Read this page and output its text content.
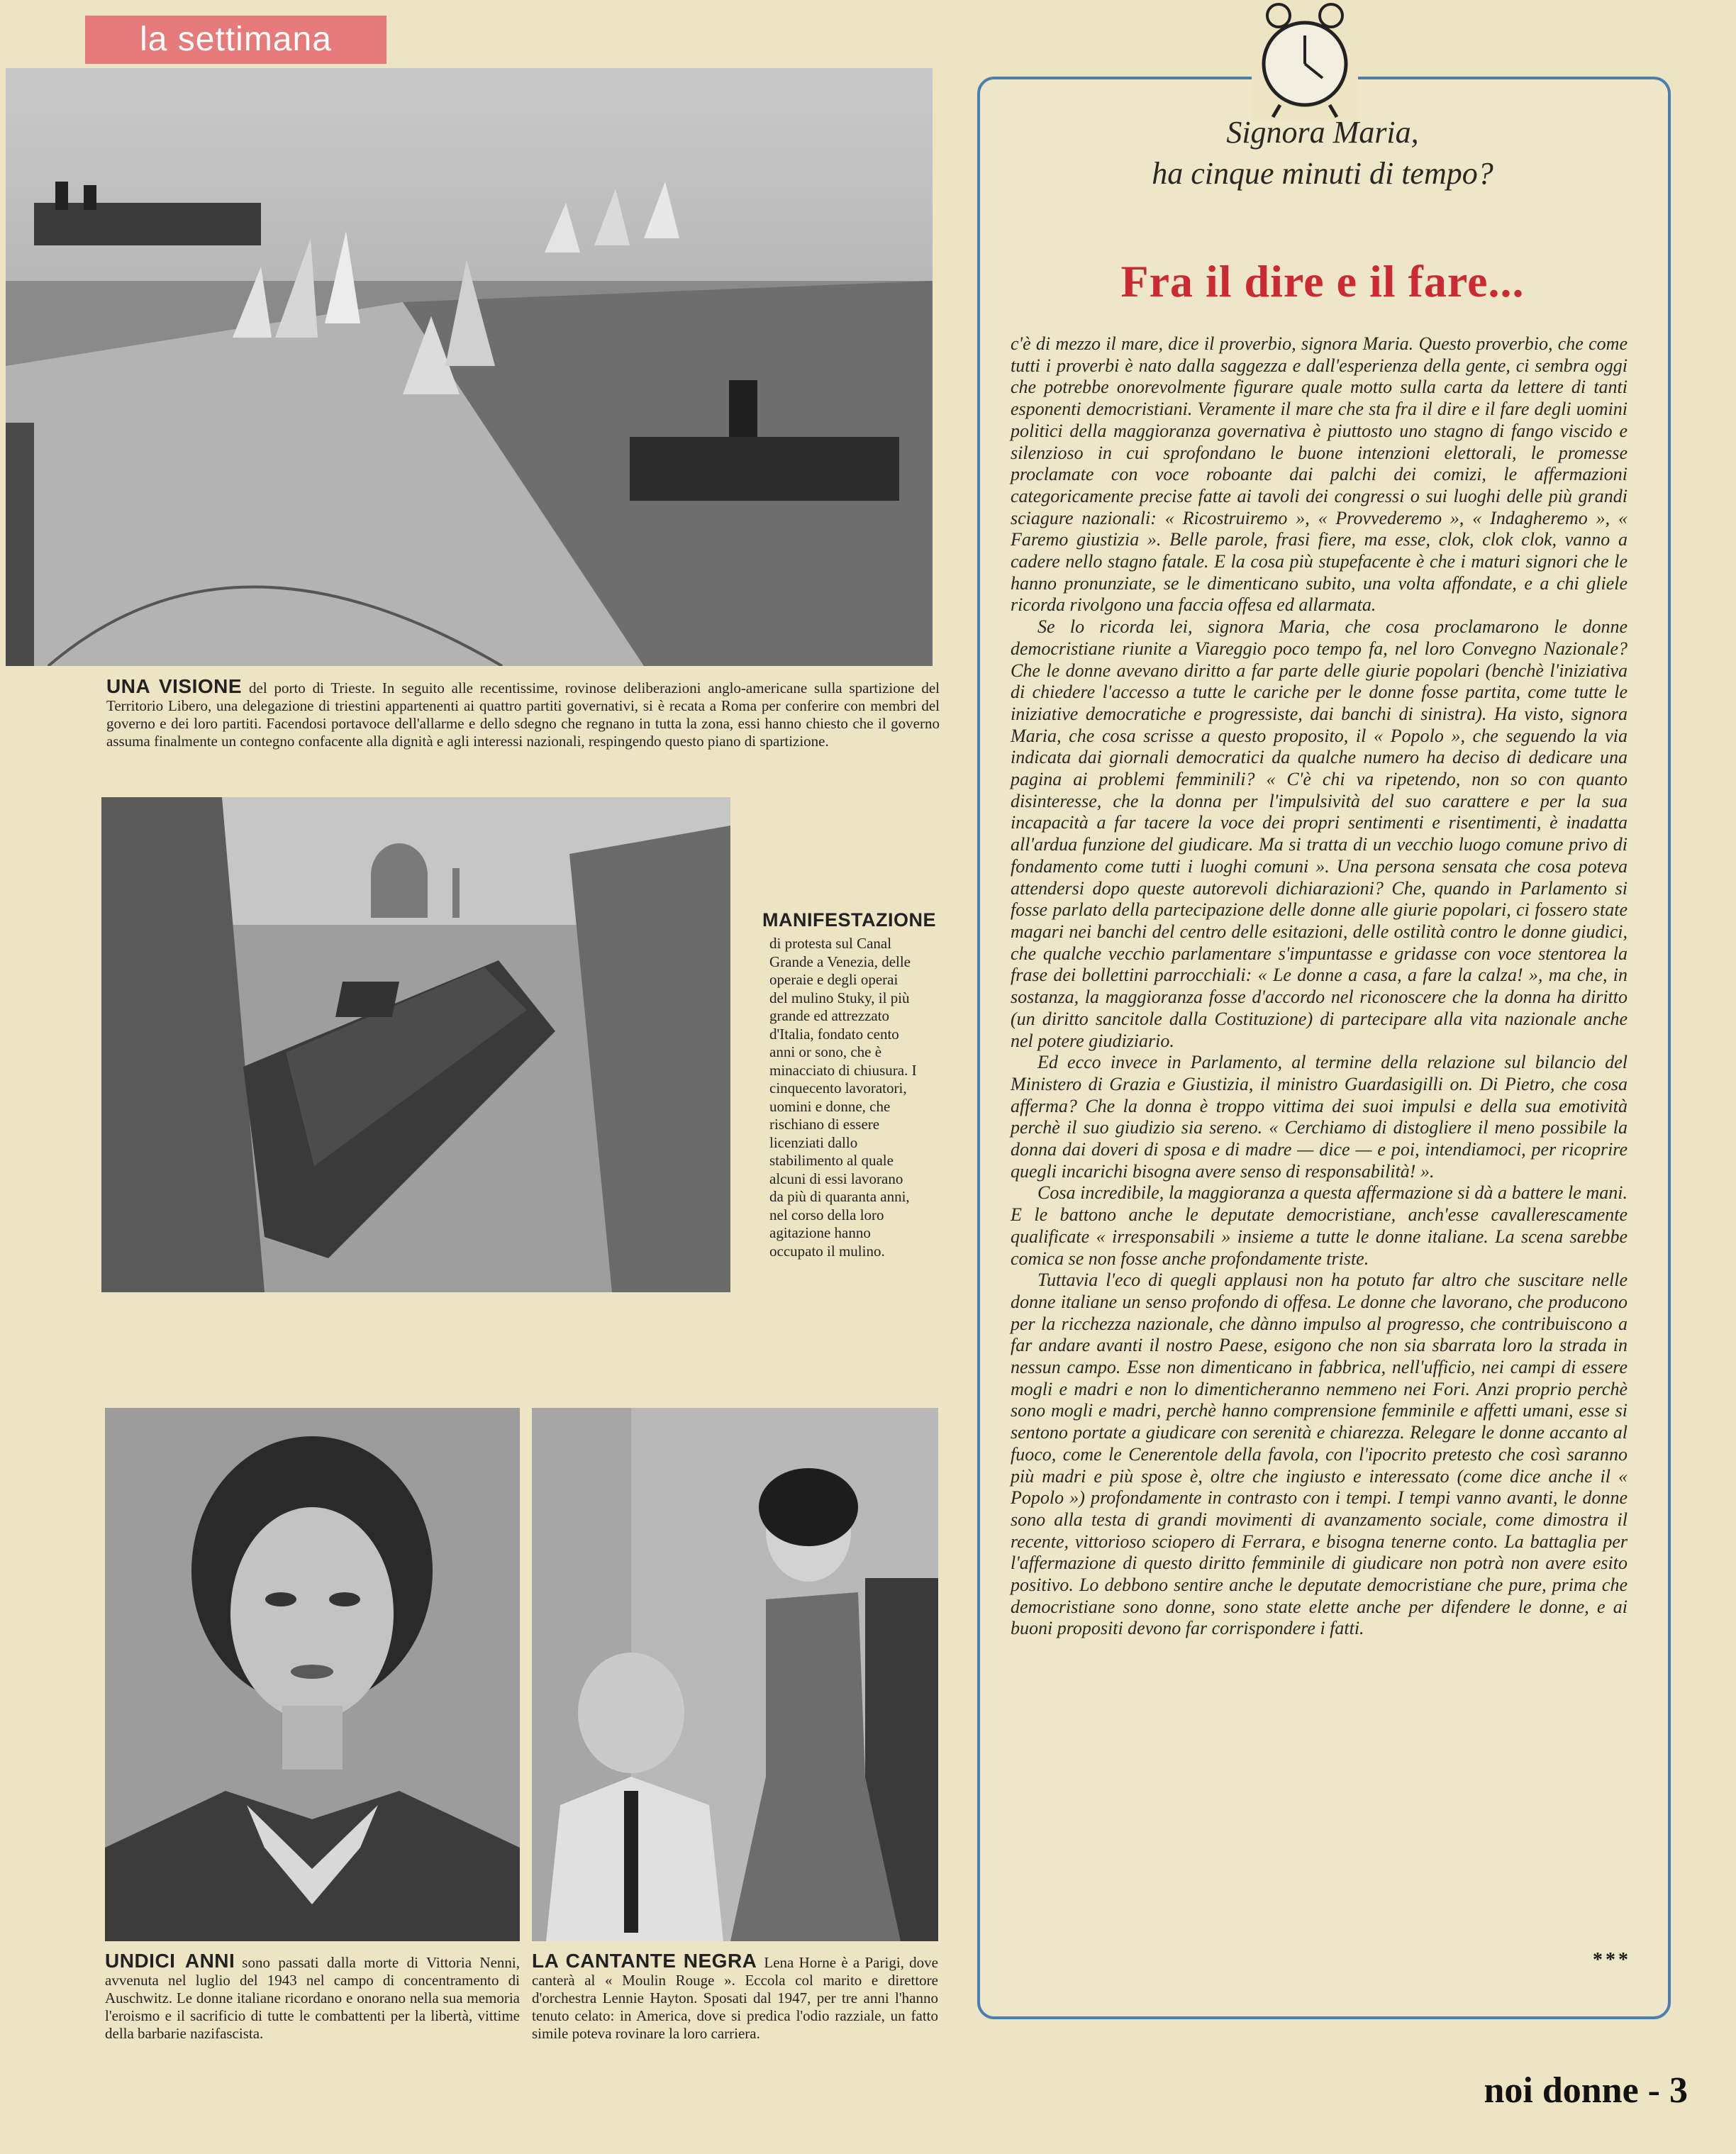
la settimana
UNA VISIONE del porto di Trieste. In seguito alle recentissime, rovinose deliberazioni anglo-americane sulla spartizione del Territorio Libero, una delegazione di triestini appartenenti ai quattro partiti governativi, si è recata a Roma per conferire con membri del governo e dei loro partiti. Facendosi portavoce dell'allarme e dello sdegno che regnano in tutta la zona, essi hanno chiesto che il governo assuma finalmente un contegno confacente alla dignità e agli interessi nazionali, respingendo questo piano di spartizione.
MANIFESTAZIONE
di protesta sul Canal Grande a Venezia, delle operaie e degli operai del mulino Stuky, il più grande ed attrezzato d'Italia, fondato cento anni or sono, che è minacciato di chiusura. I cinquecento lavoratori, uomini e donne, che rischiano di essere licenziati dallo stabilimento al quale alcuni di essi lavorano da più di quaranta anni, nel corso della loro agitazione hanno occupato il mulino.
UNDICI ANNI sono passati dalla morte di Vittoria Nenni, avvenuta nel luglio del 1943 nel campo di concentramento di Auschwitz. Le donne italiane ricordano e onorano nella sua memoria l'eroismo e il sacrificio di tutte le combattenti per la libertà, vittime della barbarie nazifascista.
LA CANTANTE NEGRA Lena Horne è a Parigi, dove canterà al « Moulin Rouge ». Eccola col marito e direttore d'orchestra Lennie Hayton. Sposati dal 1947, per tre anni l'hanno tenuto celato: in America, dove si predica l'odio razziale, un fatto simile poteva rovinare la loro carriera.
Signora Maria,
ha cinque minuti di tempo?
Fra il dire e il fare...

c'è di mezzo il mare, dice il proverbio, signora Maria. Questo proverbio, che come tutti i proverbi è nato dalla saggezza e dall'esperienza della gente, ci sembra oggi che potrebbe onorevolmente figurare quale motto sulla carta da lettere di tanti esponenti democristiani. Veramente il mare che sta fra il dire e il fare degli uomini politici della maggioranza governativa è piuttosto uno stagno di fango viscido e silenzioso in cui sprofondano le buone intenzioni elettorali, le promesse proclamate con voce roboante dai palchi dei comizi, le affermazioni categoricamente precise fatte ai tavoli dei congressi o sui luoghi delle più grandi sciagure nazionali: « Ricostruiremo », « Provvederemo », « Indagheremo », « Faremo giustizia ». Belle parole, frasi fiere, ma esse, clok, clok clok, vanno a cadere nello stagno fatale. E la cosa più stupefacente è che i maturi signori che le hanno pronunziate, se le dimenticano subito, una volta affondate, e a chi gliele ricorda rivolgono una faccia offesa ed allarmata.

Se lo ricorda lei, signora Maria, che cosa proclamarono le donne democristiane riunite a Viareggio poco tempo fa, nel loro Convegno Nazionale? Che le donne avevano diritto a far parte delle giurie popolari (benchè l'iniziativa di chiedere l'accesso a tutte le cariche per le donne fosse partita, come tutte le iniziative democratiche e progressiste, dai banchi di sinistra). Ha visto, signora Maria, che cosa scrisse a questo proposito, il « Popolo », che seguendo la via indicata dai giornali democratici da qualche numero ha deciso di dedicare una pagina ai problemi femminili? « C'è chi va ripetendo, non so con quanto disinteresse, che la donna per l'impulsività del suo carattere e per la sua incapacità a far tacere la voce dei propri sentimenti e risentimenti, è inadatta all'ardua funzione del giudicare. Ma si tratta di un vecchio luogo comune privo di fondamento come tutti i luoghi comuni ». Una persona sensata che cosa poteva attendersi dopo queste autorevoli dichiarazioni? Che, quando in Parlamento si fosse parlato della partecipazione delle donne alle giurie popolari, ci fossero state magari nei banchi del centro delle esitazioni, delle ostilità contro le donne giudici, che qualche vecchio parlamentare s'impuntasse e gridasse con voce stentorea la frase dei bollettini parrocchiali: « Le donne a casa, a fare la calza! », ma che, in sostanza, la maggioranza fosse d'accordo nel riconoscere che la donna ha diritto (un diritto sancitole dalla Costituzione) di partecipare alla vita nazionale anche nel potere giudiziario.

Ed ecco invece in Parlamento, al termine della relazione sul bilancio del Ministero di Grazia e Giustizia, il ministro Guardasigilli on. Di Pietro, che cosa afferma? Che la donna è troppo vittima dei suoi impulsi e della sua emotività perchè il suo giudizio sia sereno. « Cerchiamo di distogliere il meno possibile la donna dai doveri di sposa e di madre — dice — e poi, intendiamoci, per ricoprire quegli incarichi bisogna avere senso di responsabilità! ».

Cosa incredibile, la maggioranza a questa affermazione si dà a battere le mani. E le battono anche le deputate democristiane, anch'esse cavallerescamente qualificate « irresponsabili » insieme a tutte le donne italiane. La scena sarebbe comica se non fosse anche profondamente triste.

Tuttavia l'eco di quegli applausi non ha potuto far altro che suscitare nelle donne italiane un senso profondo di offesa. Le donne che lavorano, che producono per la ricchezza nazionale, che dànno impulso al progresso, che contribuiscono a far andare avanti il nostro Paese, esigono che non sia sbarrata loro la strada in nessun campo. Esse non dimenticano in fabbrica, nell'ufficio, nei campi di essere mogli e madri e non lo dimenticheranno nemmeno nei Fori. Anzi proprio perchè sono mogli e madri, perchè hanno comprensione femminile e affetti umani, esse si sentono portate a giudicare con serenità e chiarezza. Relegare le donne accanto al fuoco, come le Cenerentole della favola, con l'ipocrito pretesto che così saranno più madri e più spose è, oltre che ingiusto e interessato (come dice anche il « Popolo ») profondamente in contrasto con i tempi. I tempi vanno avanti, le donne sono alla testa di grandi movimenti di avanzamento sociale, come dimostra il recente, vittorioso sciopero di Ferrara, e bisogna tenerne conto. La battaglia per l'affermazione di questo diritto femminile di giudicare non potrà non avere esito positivo. Lo debbono sentire anche le deputate democristiane che pure, prima che democristiane sono donne, sono state elette anche per difendere le donne, e ai buoni propositi devono far corrispondere i fatti.

***
noi donne - 3
